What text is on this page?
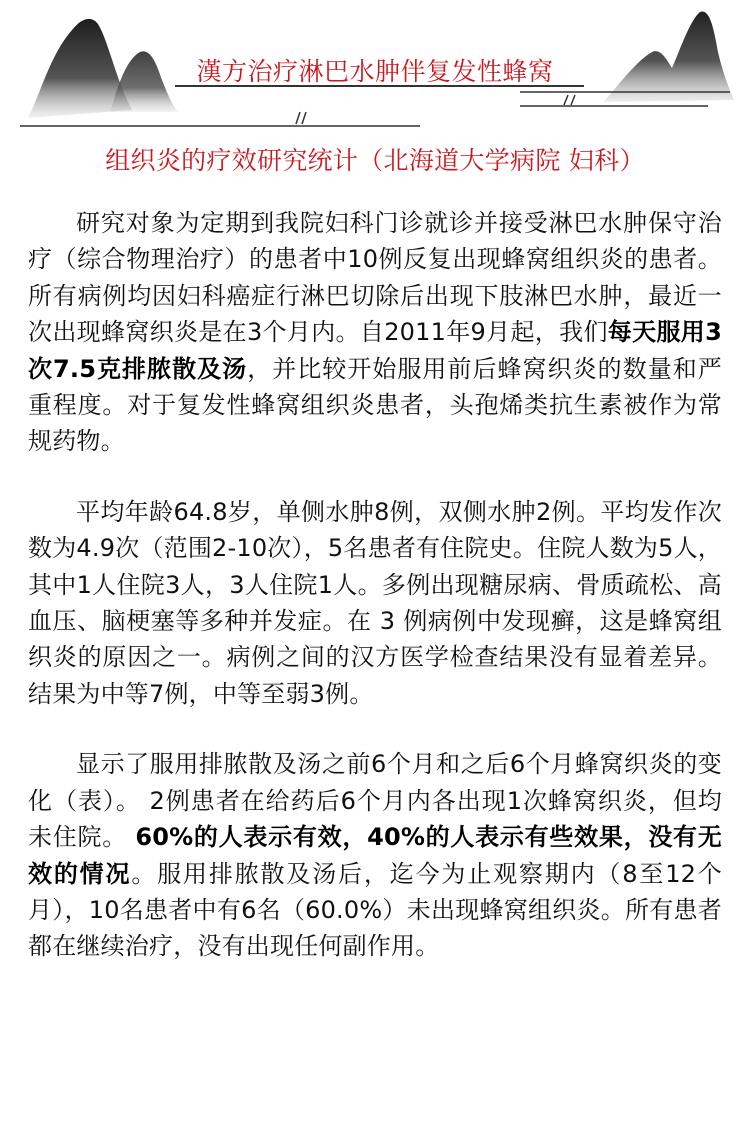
漢方治疗淋巴水肿伴复发性蜂窝
组织炎的疗效研究统计（北海道大学病院 妇科）

研究对象为定期到我院妇科门诊就诊并接受淋巴水肿保守治疗（综合物理治疗）的患者中10例反复出现蜂窝组织炎的患者。所有病例均因妇科癌症行淋巴切除后出现下肢淋巴水肿，最近一次出现蜂窝织炎是在3个月内。自2011年9月起，我们每天服用3次7.5克排脓散及汤，并比较开始服用前后蜂窝织炎的数量和严重程度。对于复发性蜂窝组织炎患者，头孢烯类抗生素被作为常规药物。

平均年龄64.8岁，单侧水肿8例，双侧水肿2例。平均发作次数为4.9次（范围2-10次），5名患者有住院史。住院人数为5人，其中1人住院3人，3人住院1人。多例出现糖尿病、骨质疏松、高血压、脑梗塞等多种并发症。在 3 例病例中发现癣，这是蜂窝组织炎的原因之一。病例之间的汉方医学检查结果没有显着差异。结果为中等7例，中等至弱3例。

显示了服用排脓散及汤之前6个月和之后6个月蜂窝织炎的变化（表）。 2例患者在给药后6个月内各出现1次蜂窝织炎，但均未住院。 60%的人表示有效，40%的人表示有些效果，没有无效的情况。服用排脓散及汤后，迄今为止观察期内（8至12个月），10名患者中有6名（60.0%）未出现蜂窝组织炎。所有患者都在继续治疗，没有出现任何副作用。
